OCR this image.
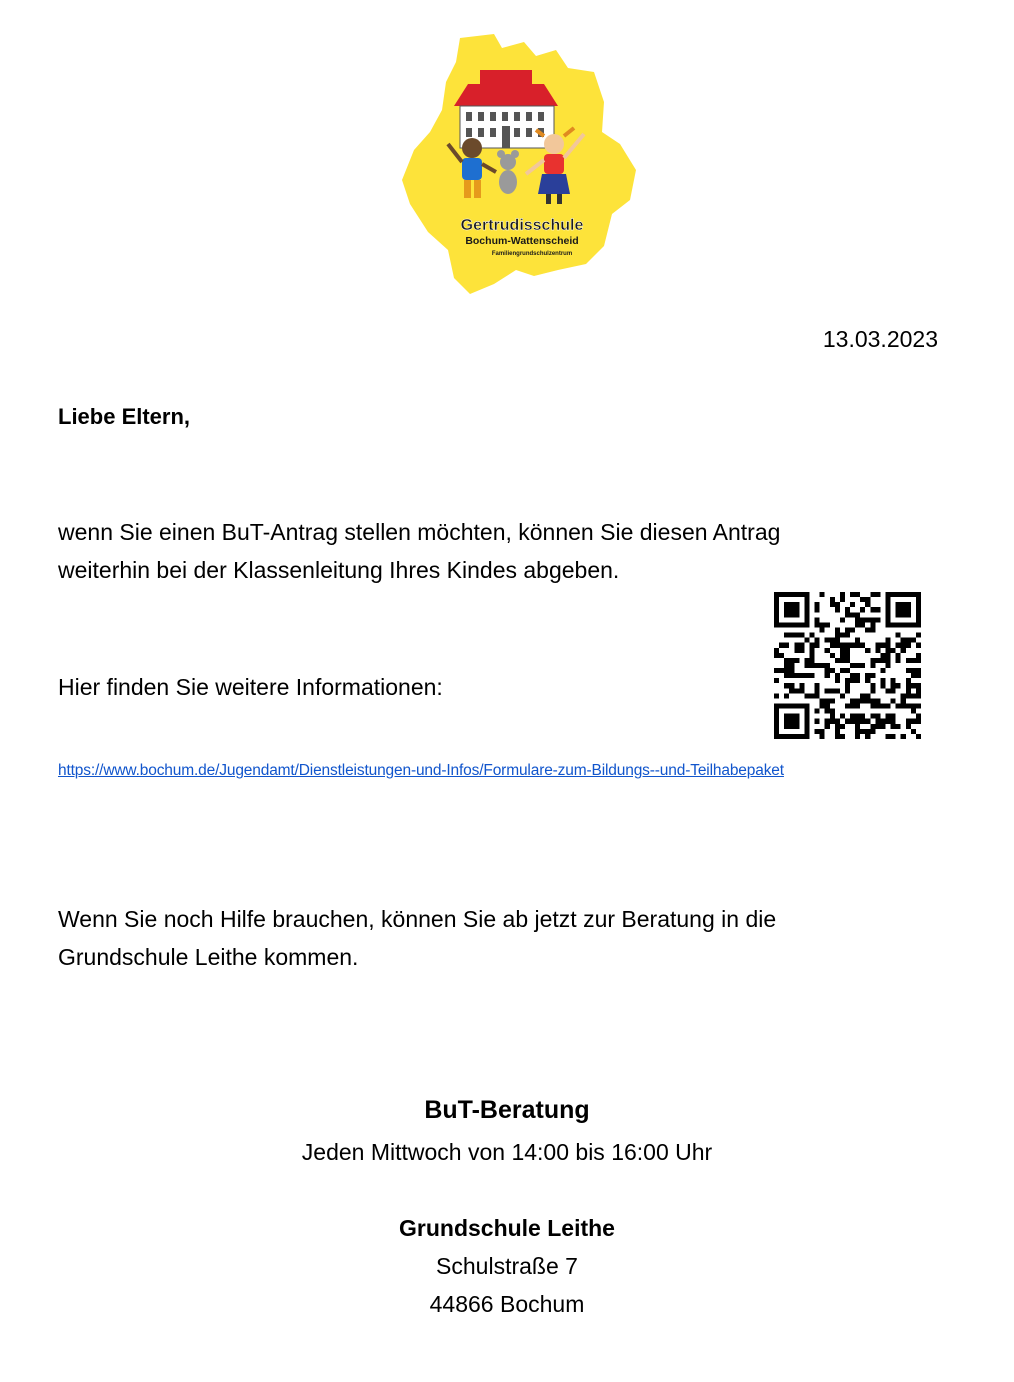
Gertrudisschule
Bochum-Wattenscheid
Familiengrundschulzentrum
13.03.2023
Liebe Eltern,
wenn Sie einen BuT-Antrag stellen möchten, können Sie diesen Antrag
weiterhin bei der Klassenleitung Ihres Kindes abgeben.
Hier finden Sie weitere Informationen:
https://www.bochum.de/Jugendamt/Dienstleistungen-und-Infos/Formulare-zum-Bildungs--und-Teilhabepaket
Wenn Sie noch Hilfe brauchen, können Sie ab jetzt zur Beratung in die
Grundschule Leithe kommen.
BuT-Beratung
Jeden Mittwoch von 14:00 bis 16:00 Uhr
Grundschule Leithe
Schulstraße 7
44866 Bochum
